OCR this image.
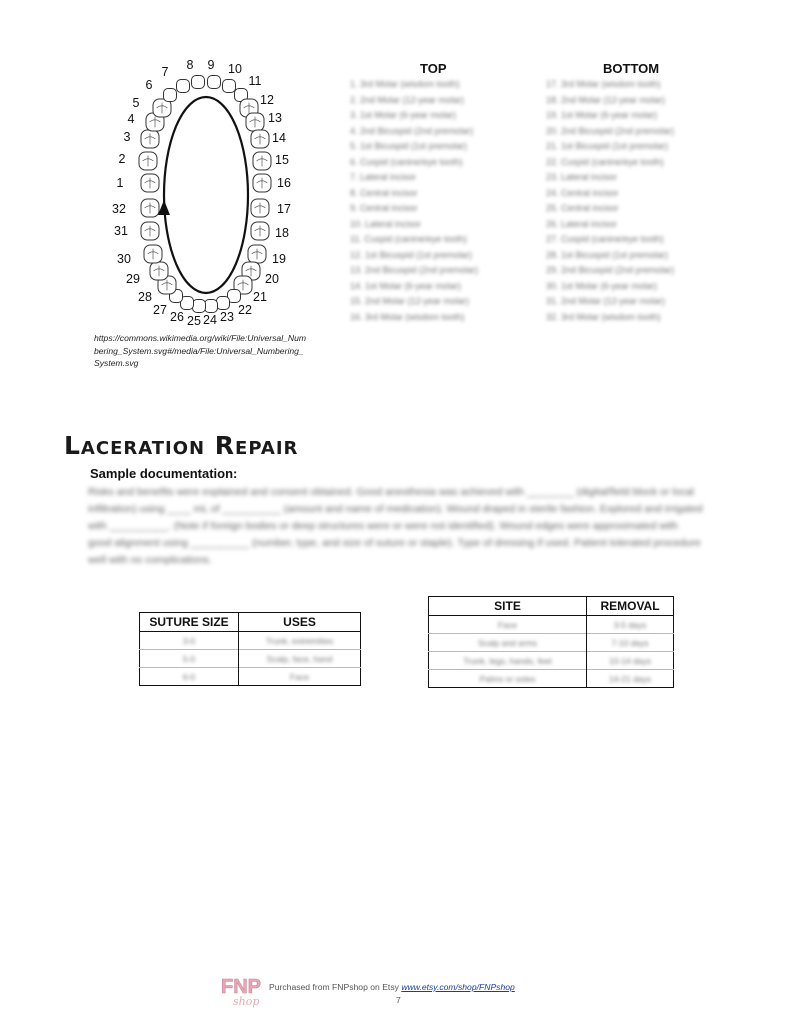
1
2
3
4
5
6
7 8 9 10
11
12
13
14
15
16
17
18
19
20
21
22
23
24
25
26
27
28
29
30
31
32
https://commons.wikimedia.org/wiki/File:Universal_Numbering_System.svg#/media/File:Universal_Numbering_System.svg
TOP
1. 3rd Molar (wisdom tooth)
2. 2nd Molar (12-year molar)
3. 1st Molar (6-year molar)
4. 2nd Bicuspid (2nd premolar)
5. 1st Bicuspid (1st premolar)
6. Cuspid (canine/eye tooth)
7. Lateral incisor
8. Central incisor
9. Central incisor
10. Lateral incisor
11. Cuspid (canine/eye tooth)
12. 1st Bicuspid (1st premolar)
13. 2nd Bicuspid (2nd premolar)
14. 1st Molar (6-year molar)
15. 2nd Molar (12-year molar)
16. 3rd Molar (wisdom tooth)
BOTTOM
17. 3rd Molar (wisdom tooth)
18. 2nd Molar (12-year molar)
19. 1st Molar (6-year molar)
20. 2nd Bicuspid (2nd premolar)
21. 1st Bicuspid (1st premolar)
22. Cuspid (canine/eye tooth)
23. Lateral incisor
24. Central incisor
25. Central incisor
26. Lateral incisor
27. Cuspid (canine/eye tooth)
28. 1st Bicuspid (1st premolar)
29. 2nd Bicuspid (2nd premolar)
30. 1st Molar (6-year molar)
31. 2nd Molar (12-year molar)
32. 3rd Molar (wisdom tooth)
Laceration Repair
Sample documentation:
Risks and benefits were explained and consent obtained. Good anesthesia was achieved with ________ (digital/field block or local infiltration) using ____ mL of __________ (amount and name of medication). Wound draped in sterile fashion. Explored and irrigated with __________. (Note if foreign bodies or deep structures were or were not identified). Wound edges were approximated with good alignment using __________ (number, type, and size of suture or staple). Type of dressing if used. Patient tolerated procedure well with no complications.
SUTURE SIZE	USES
3-0	Trunk, extremities
5-0	Scalp, face, hand
6-0	Face
SITE	REMOVAL
Face	3-5 days
Scalp and arms	7-10 days
Trunk, legs, hands, feet	10-14 days
Palms or soles	14-21 days
FNP
shop
Purchased from FNPshop on Etsy www.etsy.com/shop/FNPshop
7
